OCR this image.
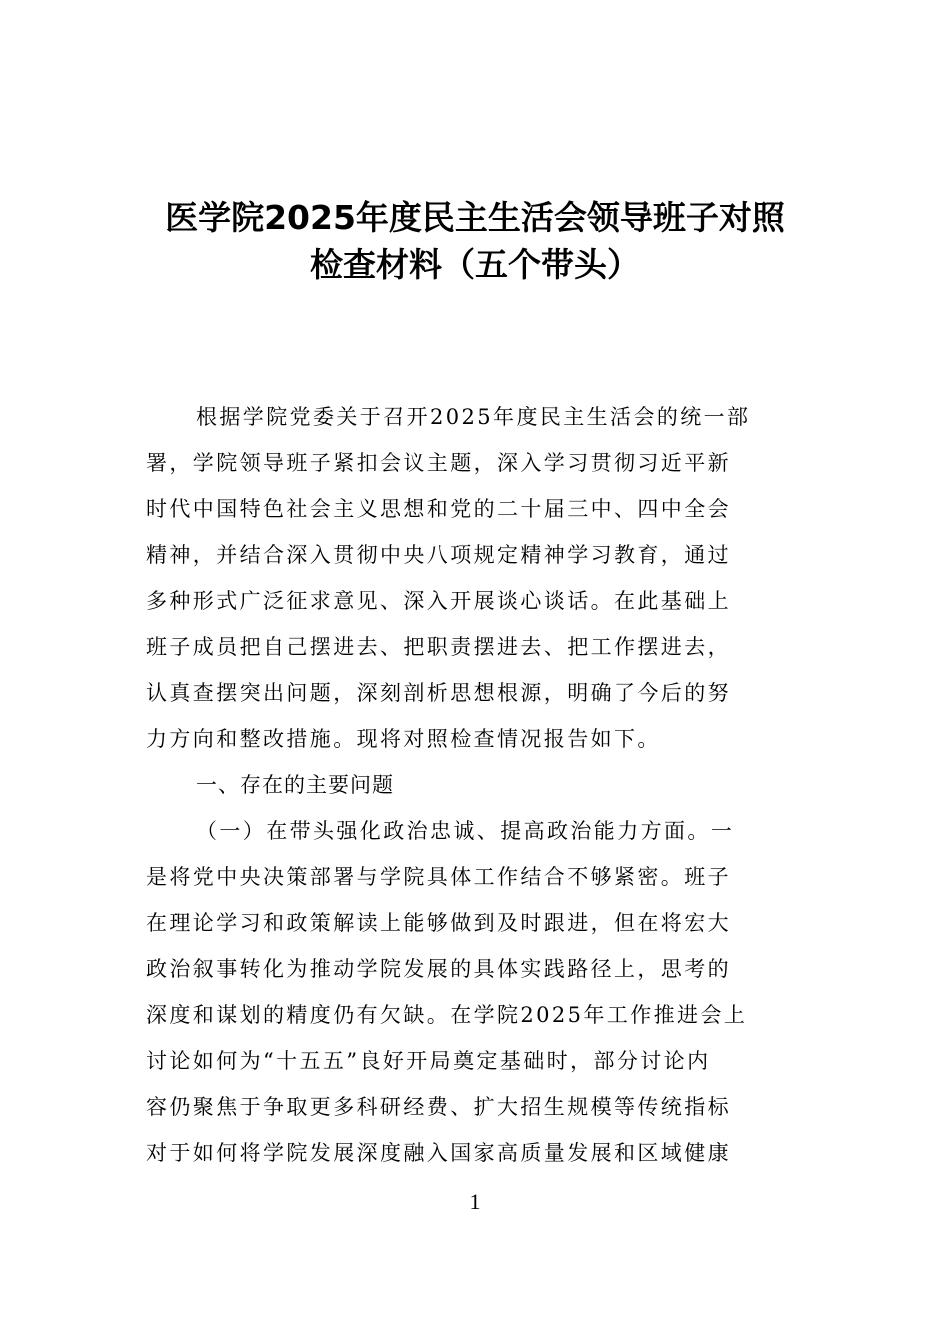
医学院2025年度民主生活会领导班子对照
检查材料（五个带头）
根据学院党委关于召开2025年度民主生活会的统一部
署，学院领导班子紧扣会议主题，深入学习贯彻习近平新
时代中国特色社会主义思想和党的二十届三中、四中全会
精神，并结合深入贯彻中央八项规定精神学习教育，通过
多种形式广泛征求意见、深入开展谈心谈话。在此基础上
班子成员把自己摆进去、把职责摆进去、把工作摆进去，
认真查摆突出问题，深刻剖析思想根源，明确了今后的努
力方向和整改措施。现将对照检查情况报告如下。
一、存在的主要问题
（一）在带头强化政治忠诚、提高政治能力方面。一
是将党中央决策部署与学院具体工作结合不够紧密。班子
在理论学习和政策解读上能够做到及时跟进，但在将宏大
政治叙事转化为推动学院发展的具体实践路径上，思考的
深度和谋划的精度仍有欠缺。在学院2025年工作推进会上
讨论如何为“十五五”良好开局奠定基础时，部分讨论内
容仍聚焦于争取更多科研经费、扩大招生规模等传统指标
对于如何将学院发展深度融入国家高质量发展和区域健康
1
